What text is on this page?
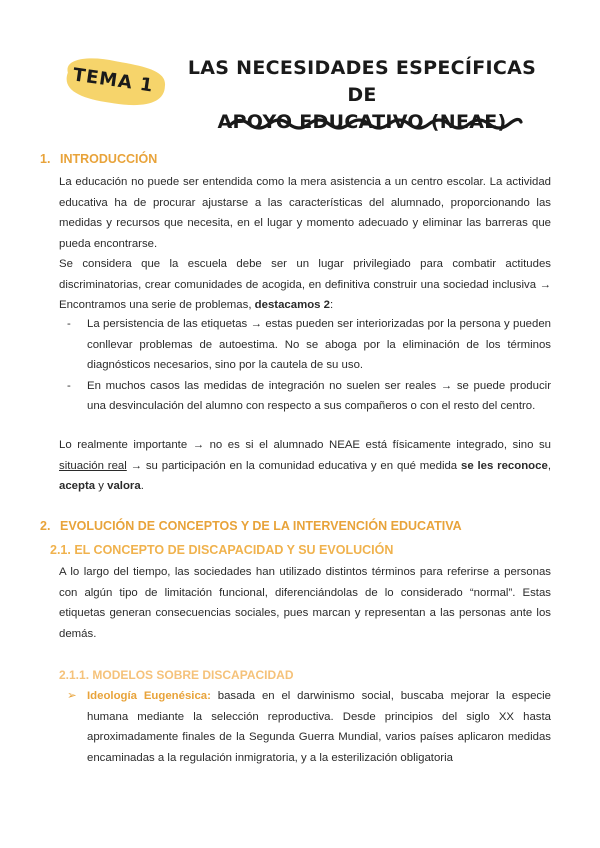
TEMA 1	LAS NECESIDADES ESPECÍFICAS DE
APOYO EDUCATIVO (NEAE)
1. INTRODUCCIÓN
La educación no puede ser entendida como la mera asistencia a un centro escolar. La actividad educativa ha de procurar ajustarse a las características del alumnado, proporcionando las medidas y recursos que necesita, en el lugar y momento adecuado y eliminar las barreras que pueda encontrarse.
Se considera que la escuela debe ser un lugar privilegiado para combatir actitudes discriminatorias, crear comunidades de acogida, en definitiva construir una sociedad inclusiva → Encontramos una serie de problemas, destacamos 2:
- La persistencia de las etiquetas → estas pueden ser interiorizadas por la persona y pueden conllevar problemas de autoestima. No se aboga por la eliminación de los términos diagnósticos necesarios, sino por la cautela de su uso.
- En muchos casos las medidas de integración no suelen ser reales → se puede producir una desvinculación del alumno con respecto a sus compañeros o con el resto del centro.
Lo realmente importante → no es si el alumnado NEAE está físicamente integrado, sino su situación real → su participación en la comunidad educativa y en qué medida se les reconoce, acepta y valora.
2. EVOLUCIÓN DE CONCEPTOS Y DE LA INTERVENCIÓN EDUCATIVA
2.1. EL CONCEPTO DE DISCAPACIDAD Y SU EVOLUCIÓN
A lo largo del tiempo, las sociedades han utilizado distintos términos para referirse a personas con algún tipo de limitación funcional, diferenciándolas de lo considerado “normal”. Estas etiquetas generan consecuencias sociales, pues marcan y representan a las personas ante los demás.
2.1.1. MODELOS SOBRE DISCAPACIDAD
➢ Ideología Eugenésica: basada en el darwinismo social, buscaba mejorar la especie humana mediante la selección reproductiva. Desde principios del siglo XX hasta aproximadamente finales de la Segunda Guerra Mundial, varios países aplicaron medidas encaminadas a la regulación inmigratoria, y a la esterilización obligatoria
